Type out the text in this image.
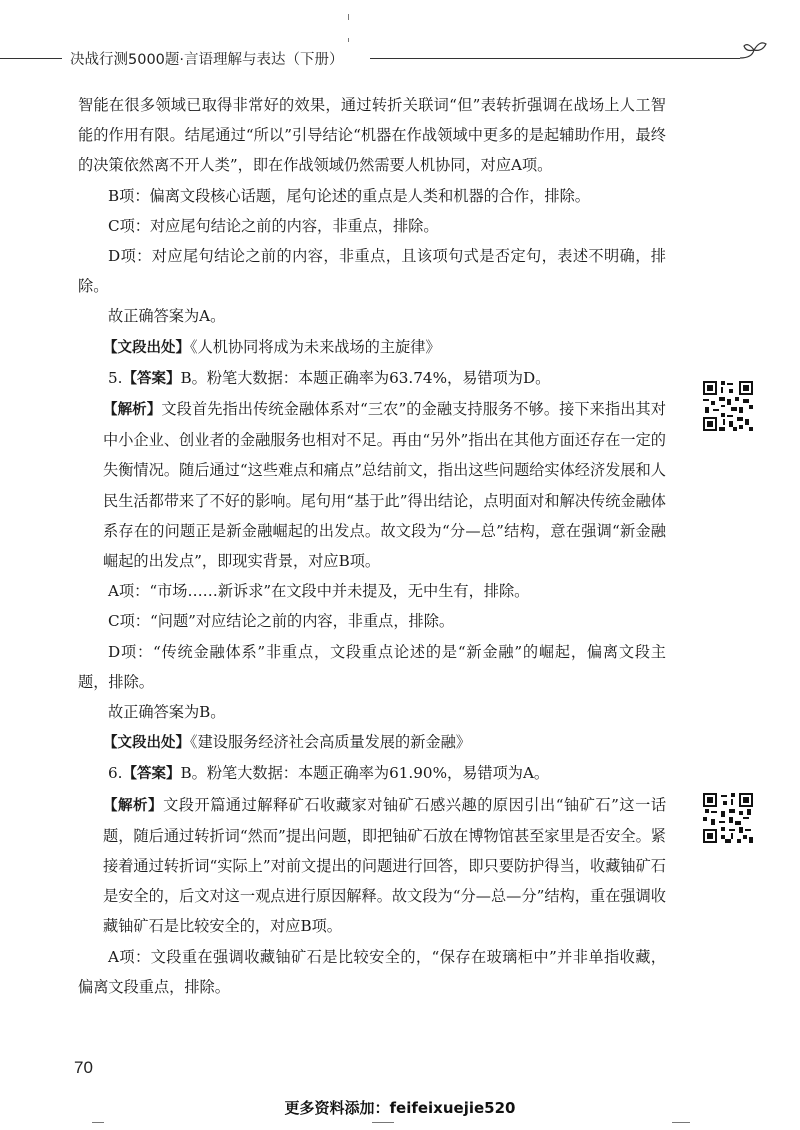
决战行测5000题·言语理解与表达（下册）

智能在很多领域已取得非常好的效果，通过转折关联词“但”表转折强调在战场上人工智能的作用有限。结尾通过“所以”引导结论“机器在作战领域中更多的是起辅助作用，最终的决策依然离不开人类”，即在作战领域仍然需要人机协同，对应A项。

B项：偏离文段核心话题，尾句论述的重点是人类和机器的合作，排除。

C项：对应尾句结论之前的内容，非重点，排除。

D项：对应尾句结论之前的内容，非重点，且该项句式是否定句，表述不明确，排除。

故正确答案为A。

【文段出处】《人机协同将成为未来战场的主旋律》

5.【答案】B。粉笔大数据：本题正确率为63.74%，易错项为D。

【解析】文段首先指出传统金融体系对“三农”的金融支持服务不够。接下来指出其对中小企业、创业者的金融服务也相对不足。再由“另外”指出在其他方面还存在一定的失衡情况。随后通过“这些难点和痛点”总结前文，指出这些问题给实体经济发展和人民生活都带来了不好的影响。尾句用“基于此”得出结论，点明面对和解决传统金融体系存在的问题正是新金融崛起的出发点。故文段为“分—总”结构，意在强调“新金融崛起的出发点”，即现实背景，对应B项。

A项：“市场……新诉求”在文段中并未提及，无中生有，排除。

C项：“问题”对应结论之前的内容，非重点，排除。

D项：“传统金融体系”非重点，文段重点论述的是“新金融”的崛起，偏离文段主题，排除。

故正确答案为B。

【文段出处】《建设服务经济社会高质量发展的新金融》

6.【答案】B。粉笔大数据：本题正确率为61.90%，易错项为A。

【解析】文段开篇通过解释矿石收藏家对铀矿石感兴趣的原因引出“铀矿石”这一话题，随后通过转折词“然而”提出问题，即把铀矿石放在博物馆甚至家里是否安全。紧接着通过转折词“实际上”对前文提出的问题进行回答，即只要防护得当，收藏铀矿石是安全的，后文对这一观点进行原因解释。故文段为“分—总—分”结构，重在强调收藏铀矿石是比较安全的，对应B项。

A项：文段重在强调收藏铀矿石是比较安全的，“保存在玻璃柜中”并非单指收藏，偏离文段重点，排除。

70
更多资料添加：feifeixuejie520
